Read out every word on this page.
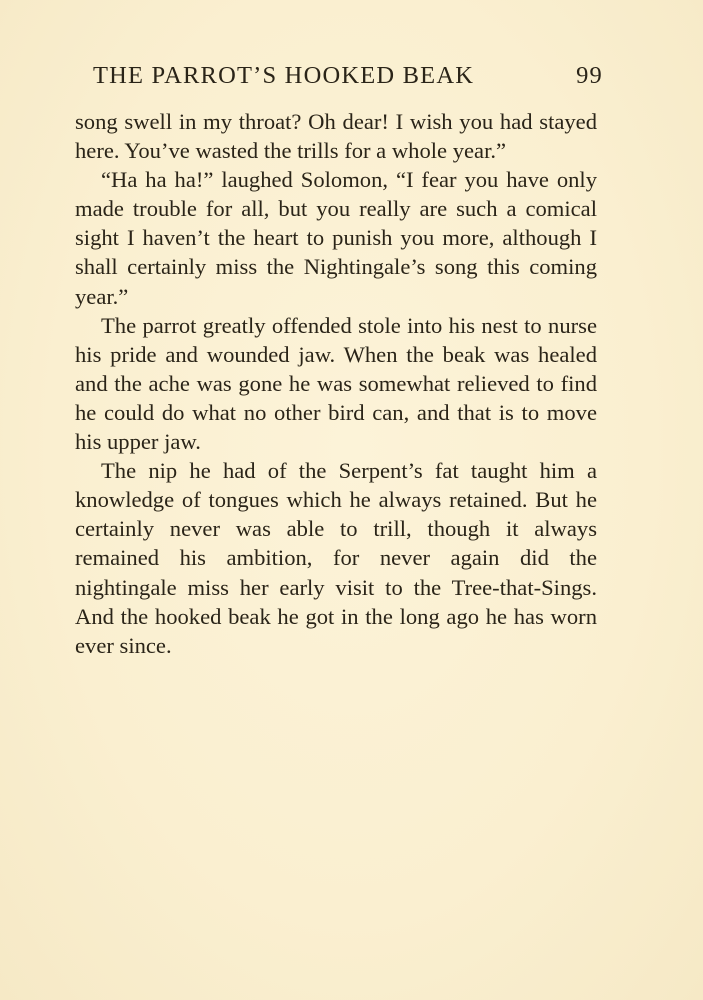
THE PARROT’S HOOKED BEAK	99

song swell in my throat? Oh dear! I wish you had stayed here. You’ve wasted the trills for a whole year.”

“Ha ha ha!” laughed Solomon, “I fear you have only made trouble for all, but you really are such a comical sight I haven’t the heart to punish you more, although I shall certainly miss the Nightingale’s song this coming year.”

The parrot greatly offended stole into his nest to nurse his pride and wounded jaw. When the beak was healed and the ache was gone he was somewhat relieved to find he could do what no other bird can, and that is to move his upper jaw.

The nip he had of the Serpent’s fat taught him a knowledge of tongues which he always retained. But he certainly never was able to trill, though it always remained his ambition, for never again did the nightingale miss her early visit to the Tree-that-Sings. And the hooked beak he got in the long ago he has worn ever since.
